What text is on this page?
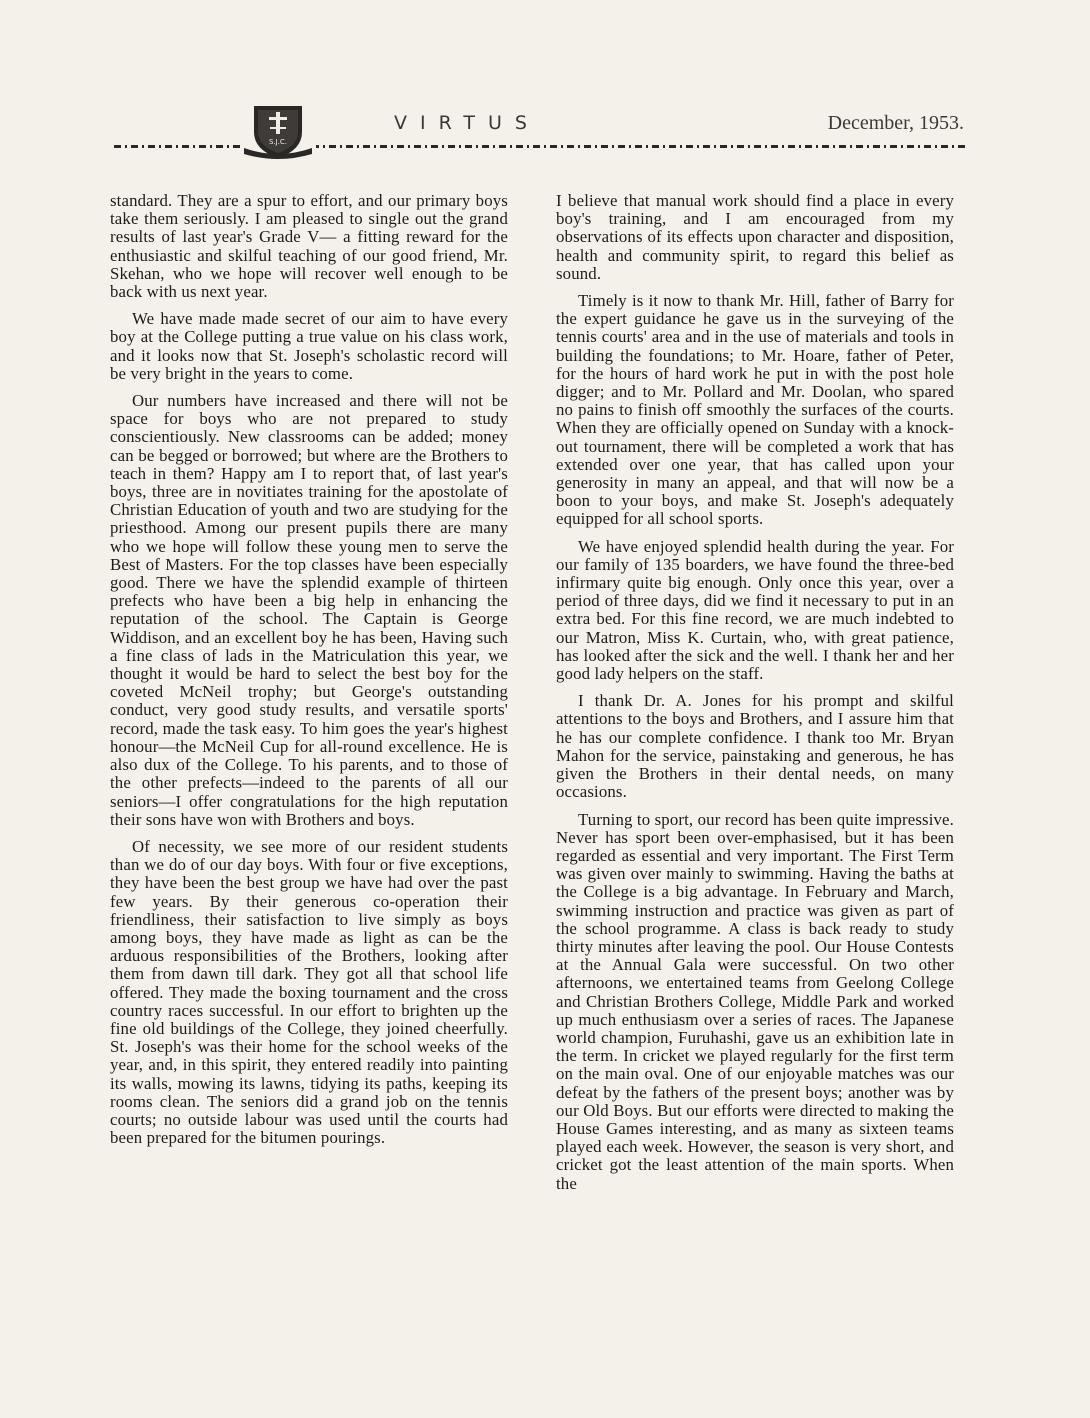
S.J.C.
VIRTUS	December, 1953.

standard. They are a spur to effort, and our primary boys take them seriously. I am pleased to single out the grand results of last year's Grade V— a fitting reward for the enthusiastic and skilful teaching of our good friend, Mr. Skehan, who we hope will recover well enough to be back with us next year.

We have made made secret of our aim to have every boy at the College putting a true value on his class work, and it looks now that St. Joseph's scholastic record will be very bright in the years to come.

Our numbers have increased and there will not be space for boys who are not prepared to study conscientiously. New classrooms can be added; money can be begged or borrowed; but where are the Brothers to teach in them? Happy am I to report that, of last year's boys, three are in novitiates training for the apostolate of Christian Education of youth and two are studying for the priesthood. Among our present pupils there are many who we hope will follow these young men to serve the Best of Masters. For the top classes have been especially good. There we have the splendid example of thirteen prefects who have been a big help in enhancing the reputation of the school. The Captain is George Widdison, and an excellent boy he has been, Having such a fine class of lads in the Matriculation this year, we thought it would be hard to select the best boy for the coveted McNeil trophy; but George's outstanding conduct, very good study results, and versatile sports' record, made the task easy. To him goes the year's highest honour—the McNeil Cup for all-round excellence. He is also dux of the College. To his parents, and to those of the other prefects—indeed to the parents of all our seniors—I offer congratulations for the high reputation their sons have won with Brothers and boys.

Of necessity, we see more of our resident students than we do of our day boys. With four or five exceptions, they have been the best group we have had over the past few years. By their generous co-operation their friendliness, their satisfaction to live simply as boys among boys, they have made as light as can be the arduous responsibilities of the Brothers, looking after them from dawn till dark. They got all that school life offered. They made the boxing tournament and the cross country races successful. In our effort to brighten up the fine old buildings of the College, they joined cheerfully. St. Joseph's was their home for the school weeks of the year, and, in this spirit, they entered readily into painting its walls, mowing its lawns, tidying its paths, keeping its rooms clean. The seniors did a grand job on the tennis courts; no outside labour was used until the courts had been prepared for the bitumen pourings.

I believe that manual work should find a place in every boy's training, and I am encouraged from my observations of its effects upon character and disposition, health and community spirit, to regard this belief as sound.

Timely is it now to thank Mr. Hill, father of Barry for the expert guidance he gave us in the surveying of the tennis courts' area and in the use of materials and tools in building the foundations; to Mr. Hoare, father of Peter, for the hours of hard work he put in with the post hole digger; and to Mr. Pollard and Mr. Doolan, who spared no pains to finish off smoothly the surfaces of the courts. When they are officially opened on Sunday with a knock-out tournament, there will be completed a work that has extended over one year, that has called upon your generosity in many an appeal, and that will now be a boon to your boys, and make St. Joseph's adequately equipped for all school sports.

We have enjoyed splendid health during the year. For our family of 135 boarders, we have found the three-bed infirmary quite big enough. Only once this year, over a period of three days, did we find it necessary to put in an extra bed. For this fine record, we are much indebted to our Matron, Miss K. Curtain, who, with great patience, has looked after the sick and the well. I thank her and her good lady helpers on the staff.

I thank Dr. A. Jones for his prompt and skilful attentions to the boys and Brothers, and I assure him that he has our complete confidence. I thank too Mr. Bryan Mahon for the service, painstaking and generous, he has given the Brothers in their dental needs, on many occasions.

Turning to sport, our record has been quite impressive. Never has sport been over-emphasised, but it has been regarded as essential and very important. The First Term was given over mainly to swimming. Having the baths at the College is a big advantage. In February and March, swimming instruction and practice was given as part of the school programme. A class is back ready to study thirty minutes after leaving the pool. Our House Contests at the Annual Gala were successful. On two other afternoons, we entertained teams from Geelong College and Christian Brothers College, Middle Park and worked up much enthusiasm over a series of races. The Japanese world champion, Furuhashi, gave us an exhibition late in the term. In cricket we played regularly for the first term on the main oval. One of our enjoyable matches was our defeat by the fathers of the present boys; another was by our Old Boys. But our efforts were directed to making the House Games interesting, and as many as sixteen teams played each week. However, the season is very short, and cricket got the least attention of the main sports. When the
